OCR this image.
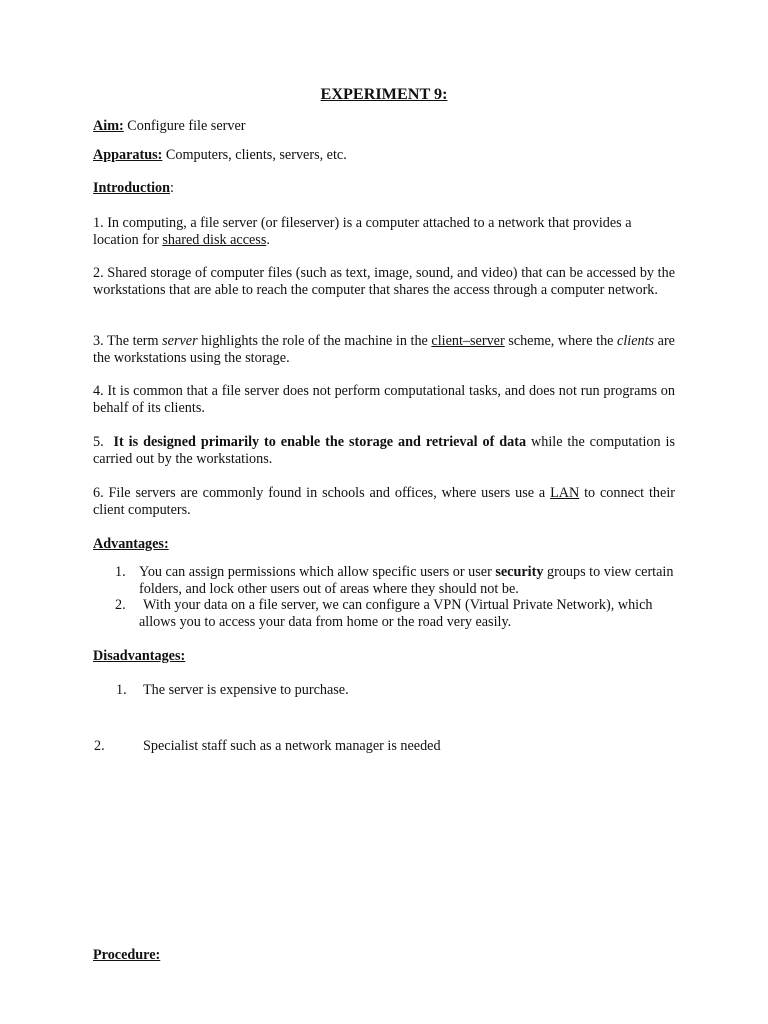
EXPERIMENT 9:
Aim: Configure file server
Apparatus: Computers, clients, servers, etc.
Introduction:
1. In computing, a file server (or fileserver) is a computer attached to a network that provides a location for shared disk access.
2. Shared storage of computer files (such as text, image, sound, and video) that can be accessed by the workstations that are able to reach the computer that shares the access through a computer network.
3. The term server highlights the role of the machine in the client–server scheme, where the clients are the workstations using the storage.
4. It is common that a file server does not perform computational tasks, and does not run programs on behalf of its clients.
5. It is designed primarily to enable the storage and retrieval of data while the computation is carried out by the workstations.
6. File servers are commonly found in schools and offices, where users use a LAN to connect their client computers.
Advantages:
1. You can assign permissions which allow specific users or user security groups to view certain folders, and lock other users out of areas where they should not be.
2. With your data on a file server, we can configure a VPN (Virtual Private Network), which allows you to access your data from home or the road very easily.
Disadvantages:
1. The server is expensive to purchase.
2.	Specialist staff such as a network manager is needed
Procedure:
